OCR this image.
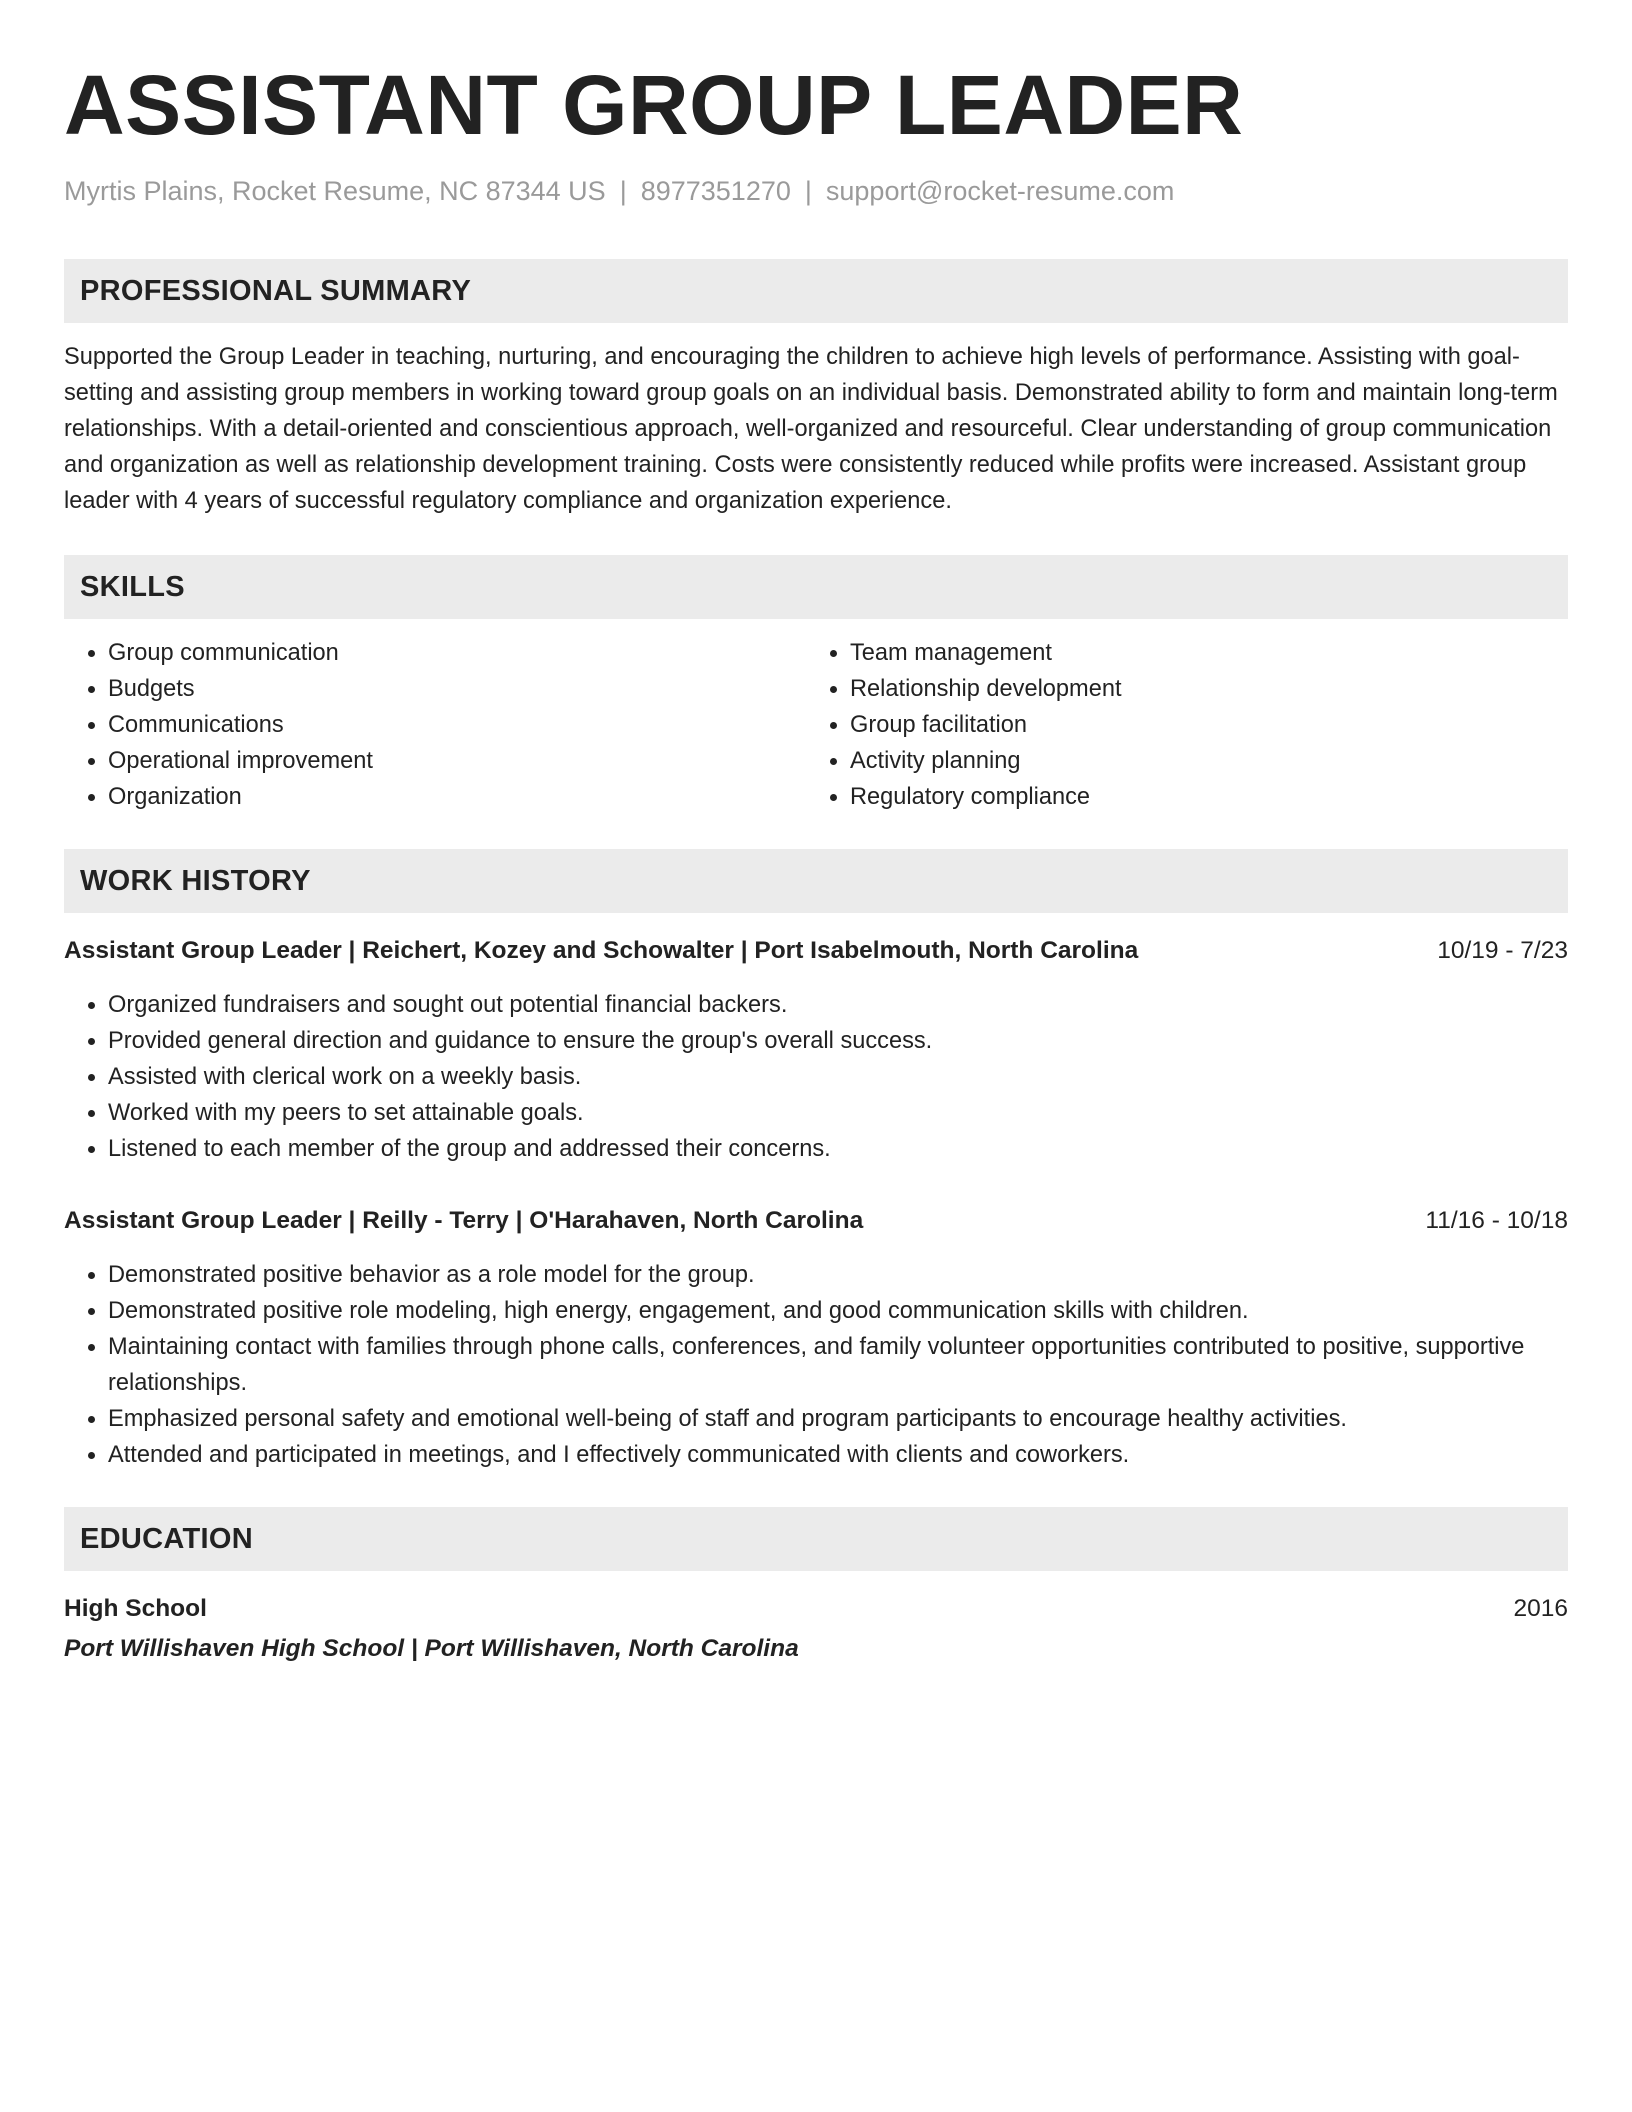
ASSISTANT GROUP LEADER
Myrtis Plains, Rocket Resume, NC 87344 US | 8977351270 | support@rocket-resume.com
PROFESSIONAL SUMMARY
Supported the Group Leader in teaching, nurturing, and encouraging the children to achieve high levels of performance. Assisting with goal-setting and assisting group members in working toward group goals on an individual basis. Demonstrated ability to form and maintain long-term relationships. With a detail-oriented and conscientious approach, well-organized and resourceful. Clear understanding of group communication and organization as well as relationship development training. Costs were consistently reduced while profits were increased. Assistant group leader with 4 years of successful regulatory compliance and organization experience.
SKILLS
• Group communication
• Budgets
• Communications
• Operational improvement
• Organization
• Team management
• Relationship development
• Group facilitation
• Activity planning
• Regulatory compliance
WORK HISTORY
Assistant Group Leader | Reichert, Kozey and Schowalter | Port Isabelmouth, North Carolina	10/19 - 7/23
• Organized fundraisers and sought out potential financial backers.
• Provided general direction and guidance to ensure the group's overall success.
• Assisted with clerical work on a weekly basis.
• Worked with my peers to set attainable goals.
• Listened to each member of the group and addressed their concerns.
Assistant Group Leader | Reilly - Terry | O'Harahaven, North Carolina	11/16 - 10/18
• Demonstrated positive behavior as a role model for the group.
• Demonstrated positive role modeling, high energy, engagement, and good communication skills with children.
• Maintaining contact with families through phone calls, conferences, and family volunteer opportunities contributed to positive, supportive relationships.
• Emphasized personal safety and emotional well-being of staff and program participants to encourage healthy activities.
• Attended and participated in meetings, and I effectively communicated with clients and coworkers.
EDUCATION
High School	2016
Port Willishaven High School | Port Willishaven, North Carolina
